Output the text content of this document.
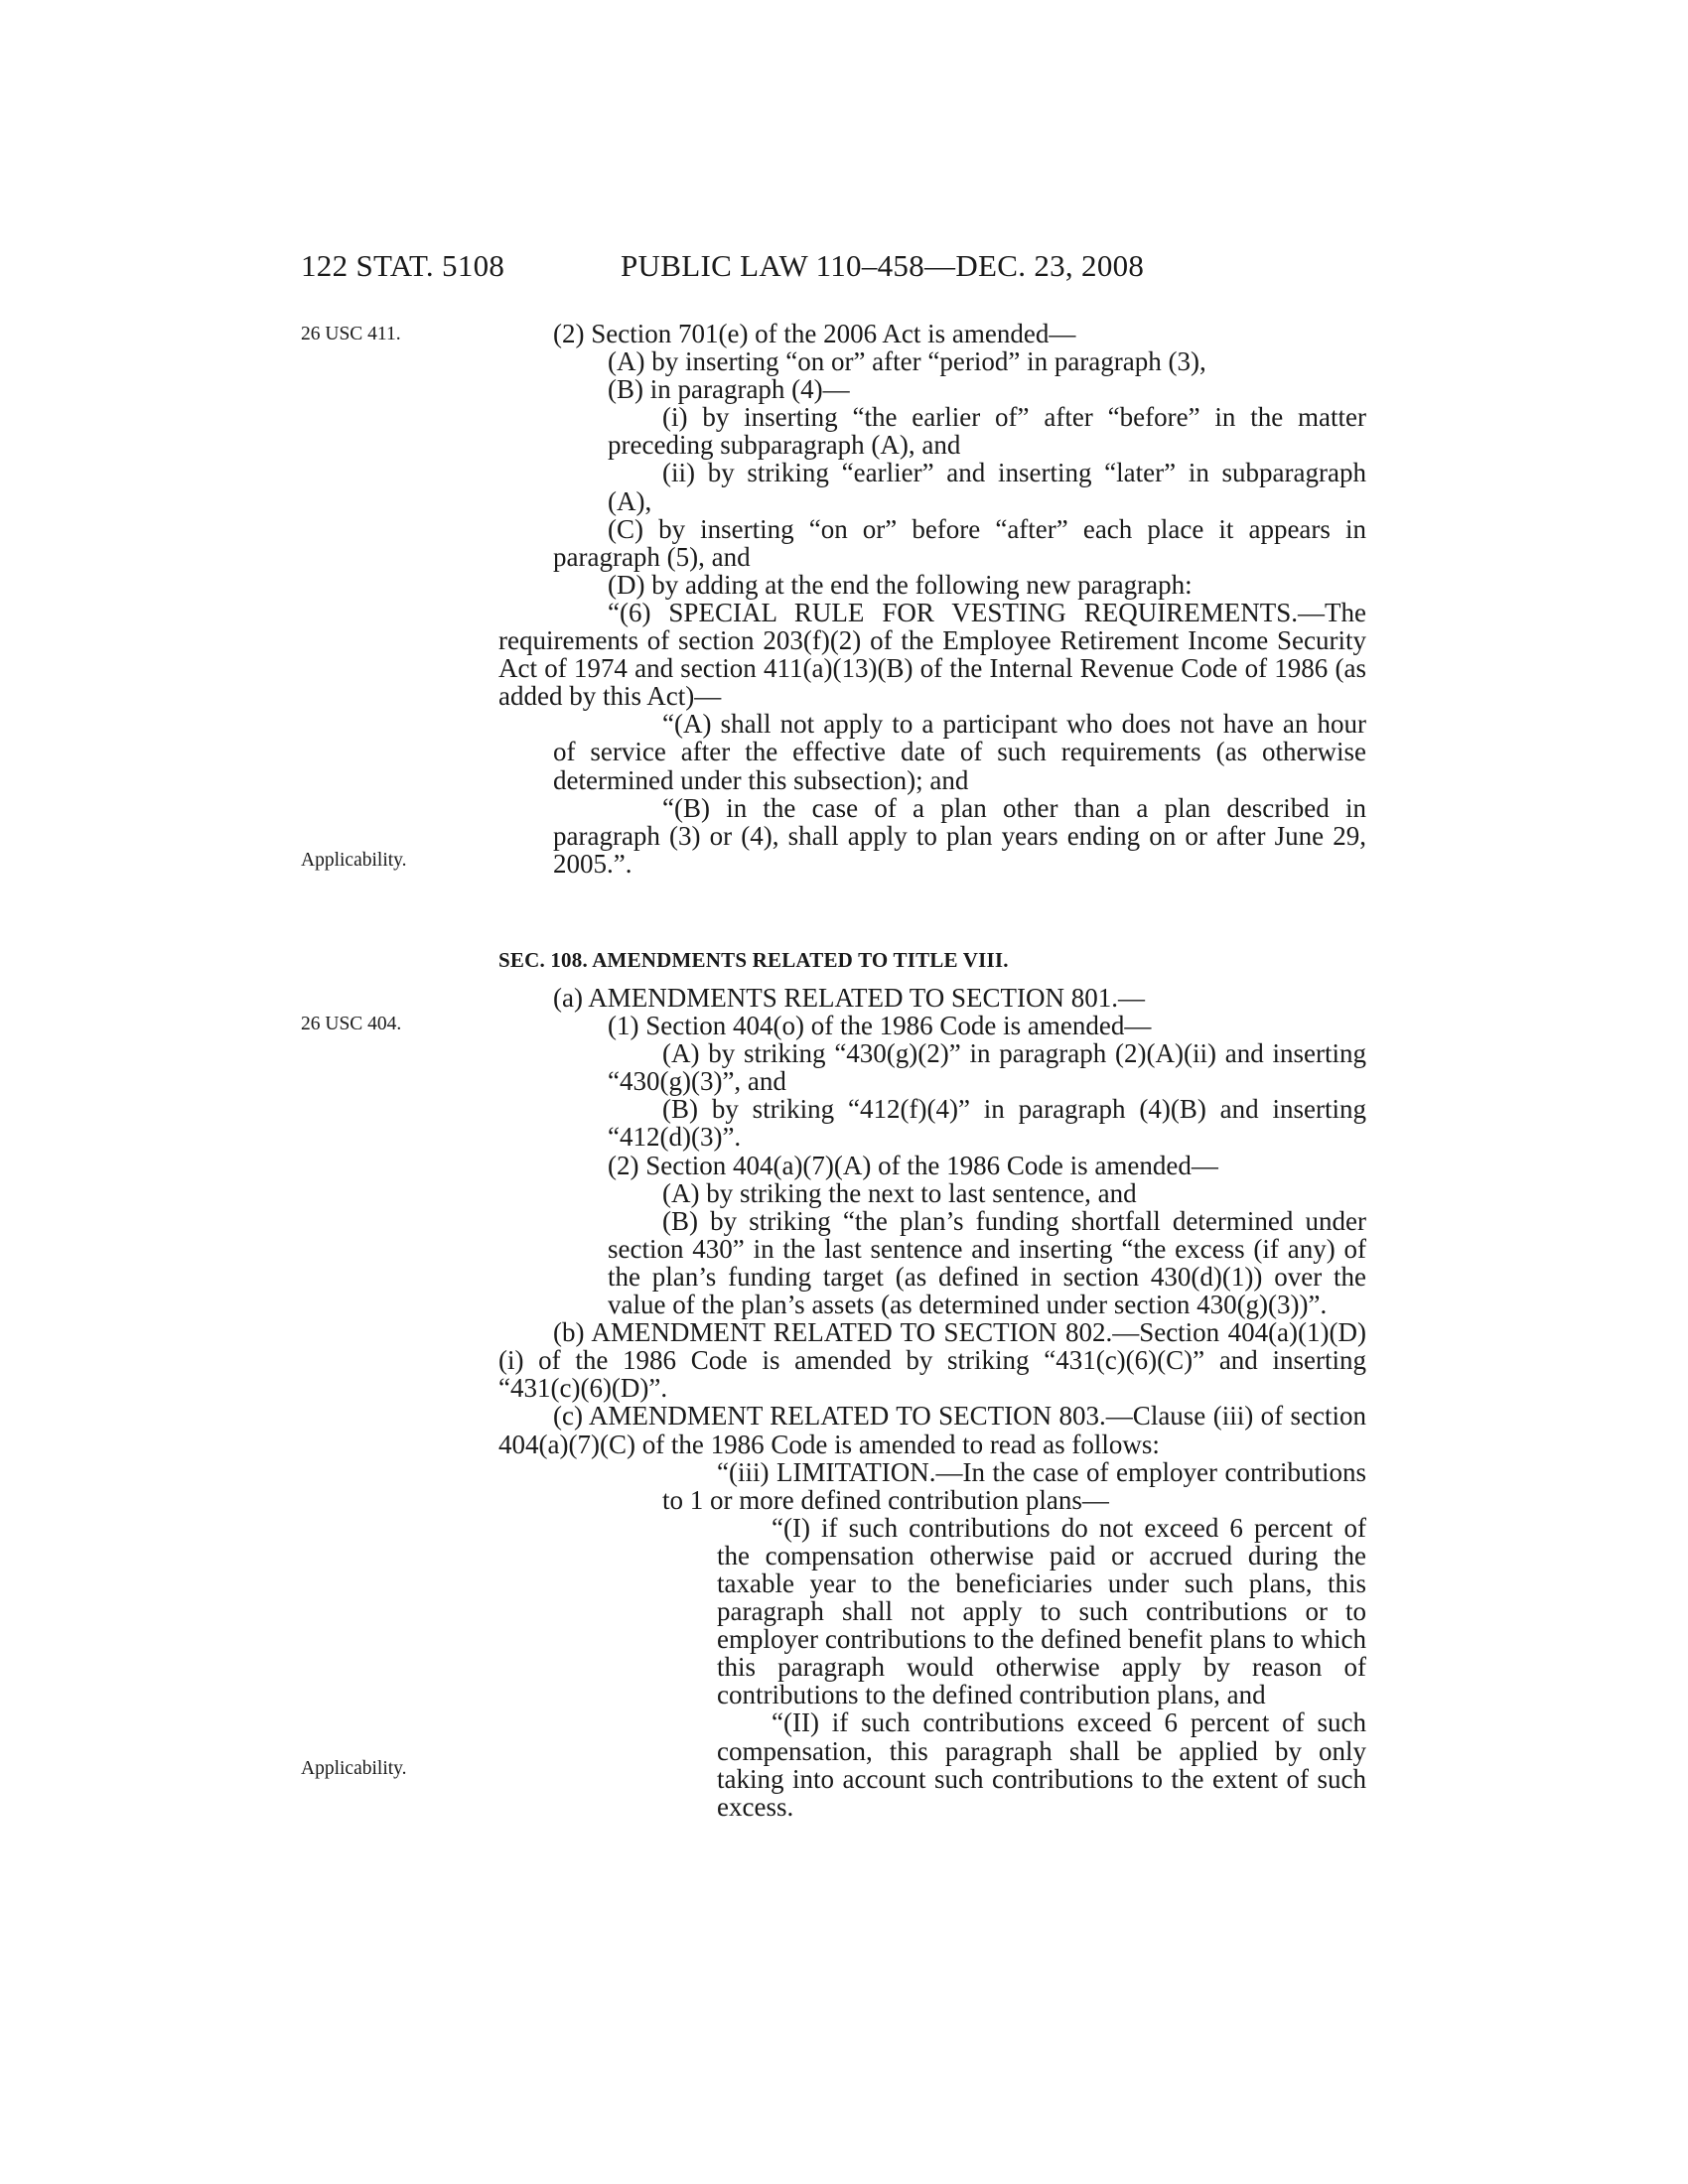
122 STAT. 5108	PUBLIC LAW 110–458—DEC. 23, 2008
26 USC 411.
Applicability.
26 USC 404.
Applicability.

(2) Section 701(e) of the 2006 Act is amended—

(A) by inserting “on or” after “period” in paragraph (3),

(B) in paragraph (4)—

(i) by inserting “the earlier of” after “before” in the matter preceding subparagraph (A), and

(ii) by striking “earlier” and inserting “later” in subparagraph (A),

(C) by inserting “on or” before “after” each place it appears in paragraph (5), and

(D) by adding at the end the following new paragraph:

“(6) SPECIAL RULE FOR VESTING REQUIREMENTS.—The requirements of section 203(f)(2) of the Employee Retirement Income Security Act of 1974 and section 411(a)(13)(B) of the Internal Revenue Code of 1986 (as added by this Act)—

“(A) shall not apply to a participant who does not have an hour of service after the effective date of such requirements (as otherwise determined under this subsection); and

“(B) in the case of a plan other than a plan described in paragraph (3) or (4), shall apply to plan years ending on or after June 29, 2005.”.

SEC. 108. AMENDMENTS RELATED TO TITLE VIII.

(a) AMENDMENTS RELATED TO SECTION 801.—

(1) Section 404(o) of the 1986 Code is amended—

(A) by striking “430(g)(2)” in paragraph (2)(A)(ii) and inserting “430(g)(3)”, and

(B) by striking “412(f)(4)” in paragraph (4)(B) and inserting “412(d)(3)”.

(2) Section 404(a)(7)(A) of the 1986 Code is amended—

(A) by striking the next to last sentence, and

(B) by striking “the plan’s funding shortfall determined under section 430” in the last sentence and inserting “the excess (if any) of the plan’s funding target (as defined in section 430(d)(1)) over the value of the plan’s assets (as determined under section 430(g)(3))”.

(b) AMENDMENT RELATED TO SECTION 802.—Section 404(a)(1)(D)(i) of the 1986 Code is amended by striking “431(c)(6)(C)” and inserting “431(c)(6)(D)”.

(c) AMENDMENT RELATED TO SECTION 803.—Clause (iii) of section 404(a)(7)(C) of the 1986 Code is amended to read as follows:

“(iii) LIMITATION.—In the case of employer contributions to 1 or more defined contribution plans—

“(I) if such contributions do not exceed 6 percent of the compensation otherwise paid or accrued during the taxable year to the beneficiaries under such plans, this paragraph shall not apply to such contributions or to employer contributions to the defined benefit plans to which this paragraph would otherwise apply by reason of contributions to the defined contribution plans, and

“(II) if such contributions exceed 6 percent of such compensation, this paragraph shall be applied by only taking into account such contributions to the extent of such excess.
